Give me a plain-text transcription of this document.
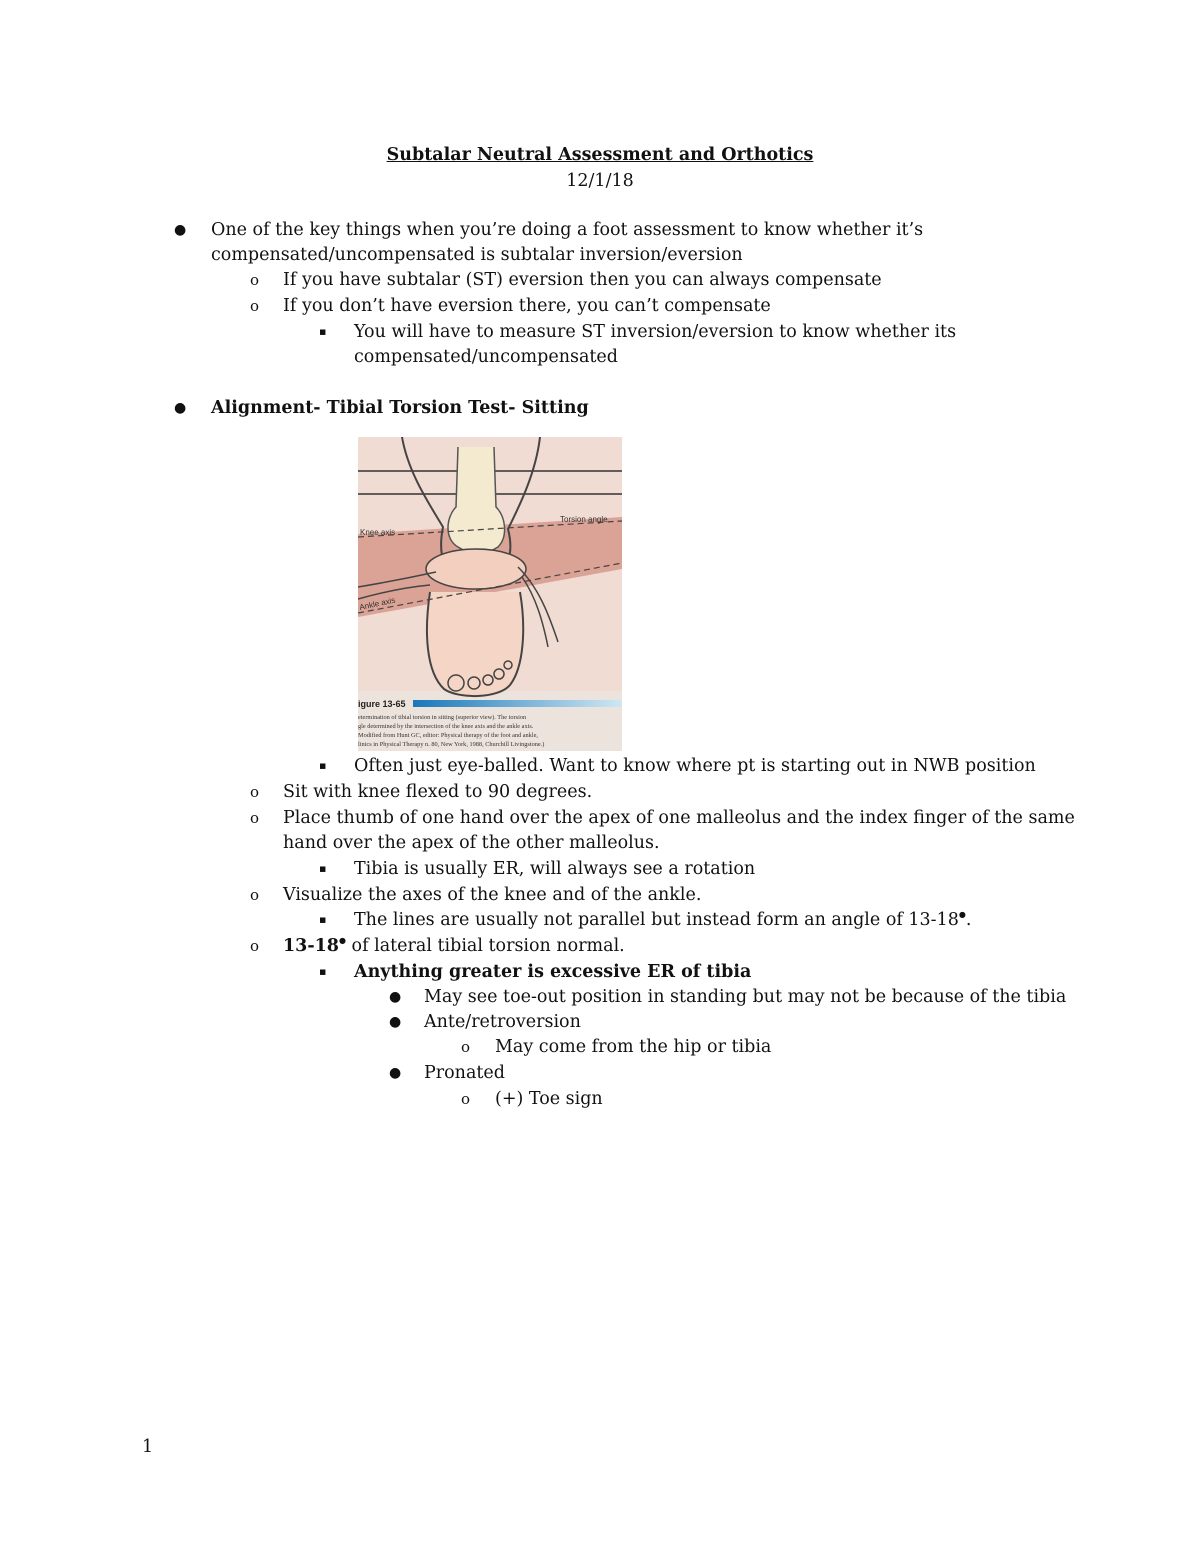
Subtalar Neutral Assessment and Orthotics
12/1/18
● One of the key things when you’re doing a foot assessment to know whether it’s
compensated/uncompensated is subtalar inversion/eversion
o If you have subtalar (ST) eversion then you can always compensate
o If you don’t have eversion there, you can’t compensate
▪ You will have to measure ST inversion/eversion to know whether its
compensated/uncompensated
● Alignment- Tibial Torsion Test- Sitting
Knee axis
Torsion angle
Ankle axis
igure 13-65
etermination of tibial torsion in sitting (superior view). The torsion
gle determined by the intersection of the knee axis and the ankle axis.
Modified from Hunt GC, editor: Physical therapy of the foot and ankle,
linics in Physical Therapy n. 80, New York, 1988, Churchill Livingstone.)
▪ Often just eye-balled. Want to know where pt is starting out in NWB position
o Sit with knee flexed to 90 degrees.
o Place thumb of one hand over the apex of one malleolus and the index finger of the same
hand over the apex of the other malleolus.
▪ Tibia is usually ER, will always see a rotation
o Visualize the axes of the knee and of the ankle.
▪ The lines are usually not parallel but instead form an angle of 13-18●.
o 13-18● of lateral tibial torsion normal.
▪ Anything greater is excessive ER of tibia
● May see toe-out position in standing but may not be because of the tibia
● Ante/retroversion
o May come from the hip or tibia
● Pronated
o (+) Toe sign
1
